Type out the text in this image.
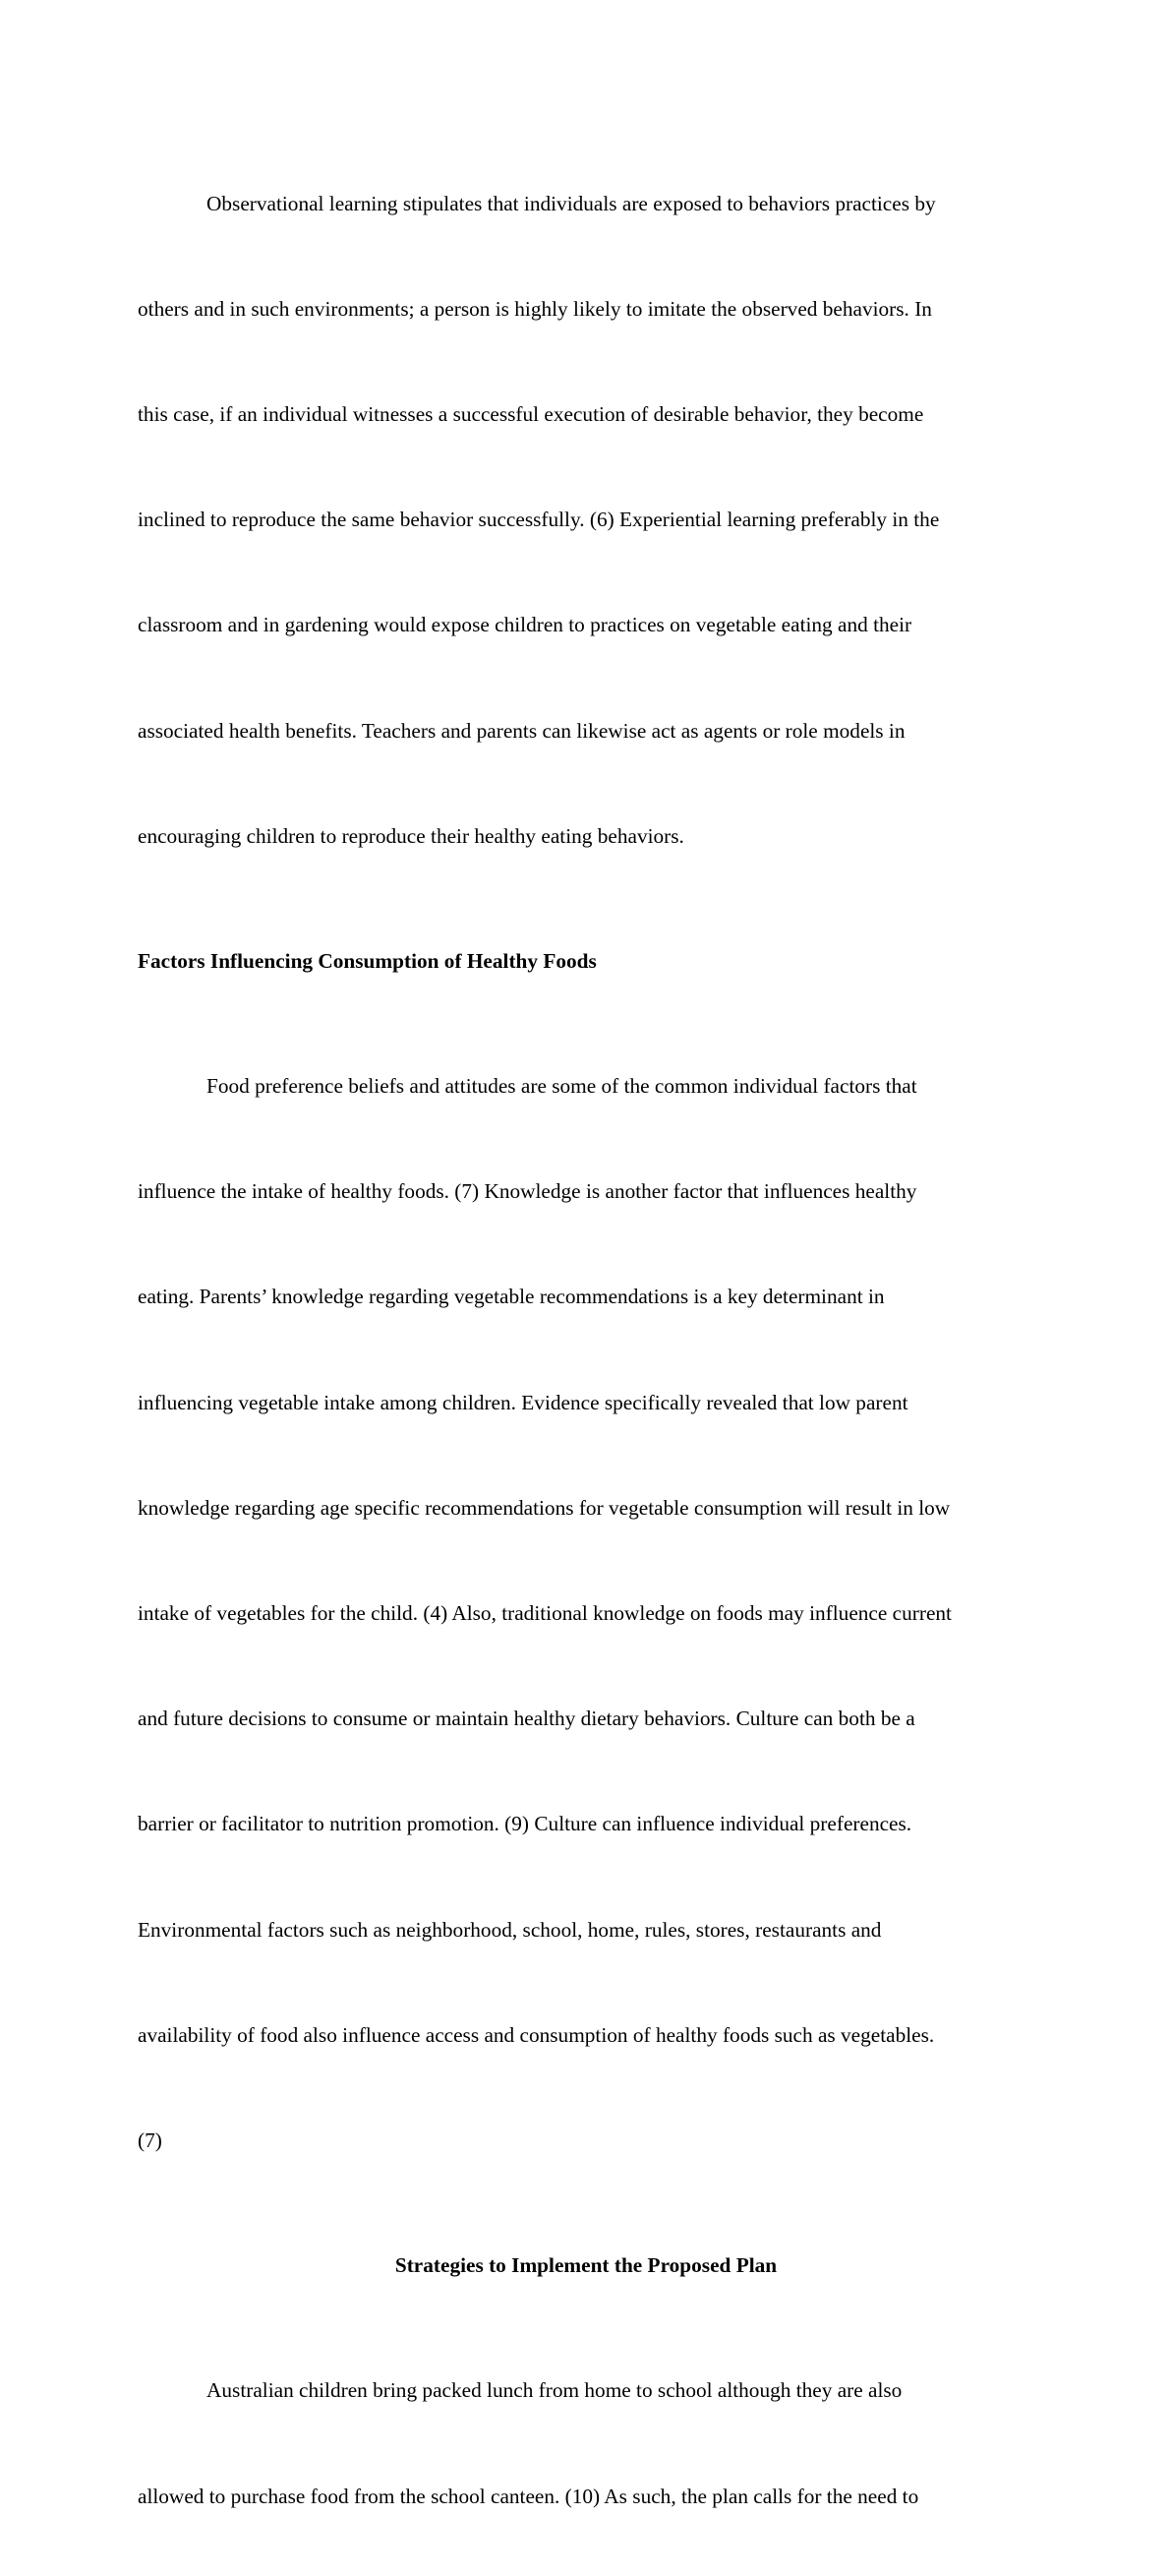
Observational learning stipulates that individuals are exposed to behaviors practices by

others and in such environments; a person is highly likely to imitate the observed behaviors. In

this case, if an individual witnesses a successful execution of desirable behavior, they become

inclined to reproduce the same behavior successfully. (6) Experiential learning preferably in the

classroom and in gardening would expose children to practices on vegetable eating and their

associated health benefits. Teachers and parents can likewise act as agents or role models in

encouraging children to reproduce their healthy eating behaviors.

Factors Influencing Consumption of Healthy Foods

Food preference beliefs and attitudes are some of the common individual factors that

influence the intake of healthy foods. (7) Knowledge is another factor that influences healthy

eating. Parents’ knowledge regarding vegetable recommendations is a key determinant in

influencing vegetable intake among children. Evidence specifically revealed that low parent

knowledge regarding age specific recommendations for vegetable consumption will result in low

intake of vegetables for the child. (4) Also, traditional knowledge on foods may influence current

and future decisions to consume or maintain healthy dietary behaviors. Culture can both be a

barrier or facilitator to nutrition promotion. (9) Culture can influence individual preferences.

Environmental factors such as neighborhood, school, home, rules, stores, restaurants and

availability of food also influence access and consumption of healthy foods such as vegetables.

(7)

Strategies to Implement the Proposed Plan

Australian children bring packed lunch from home to school although they are also

allowed to purchase food from the school canteen. (10) As such, the plan calls for the need to
